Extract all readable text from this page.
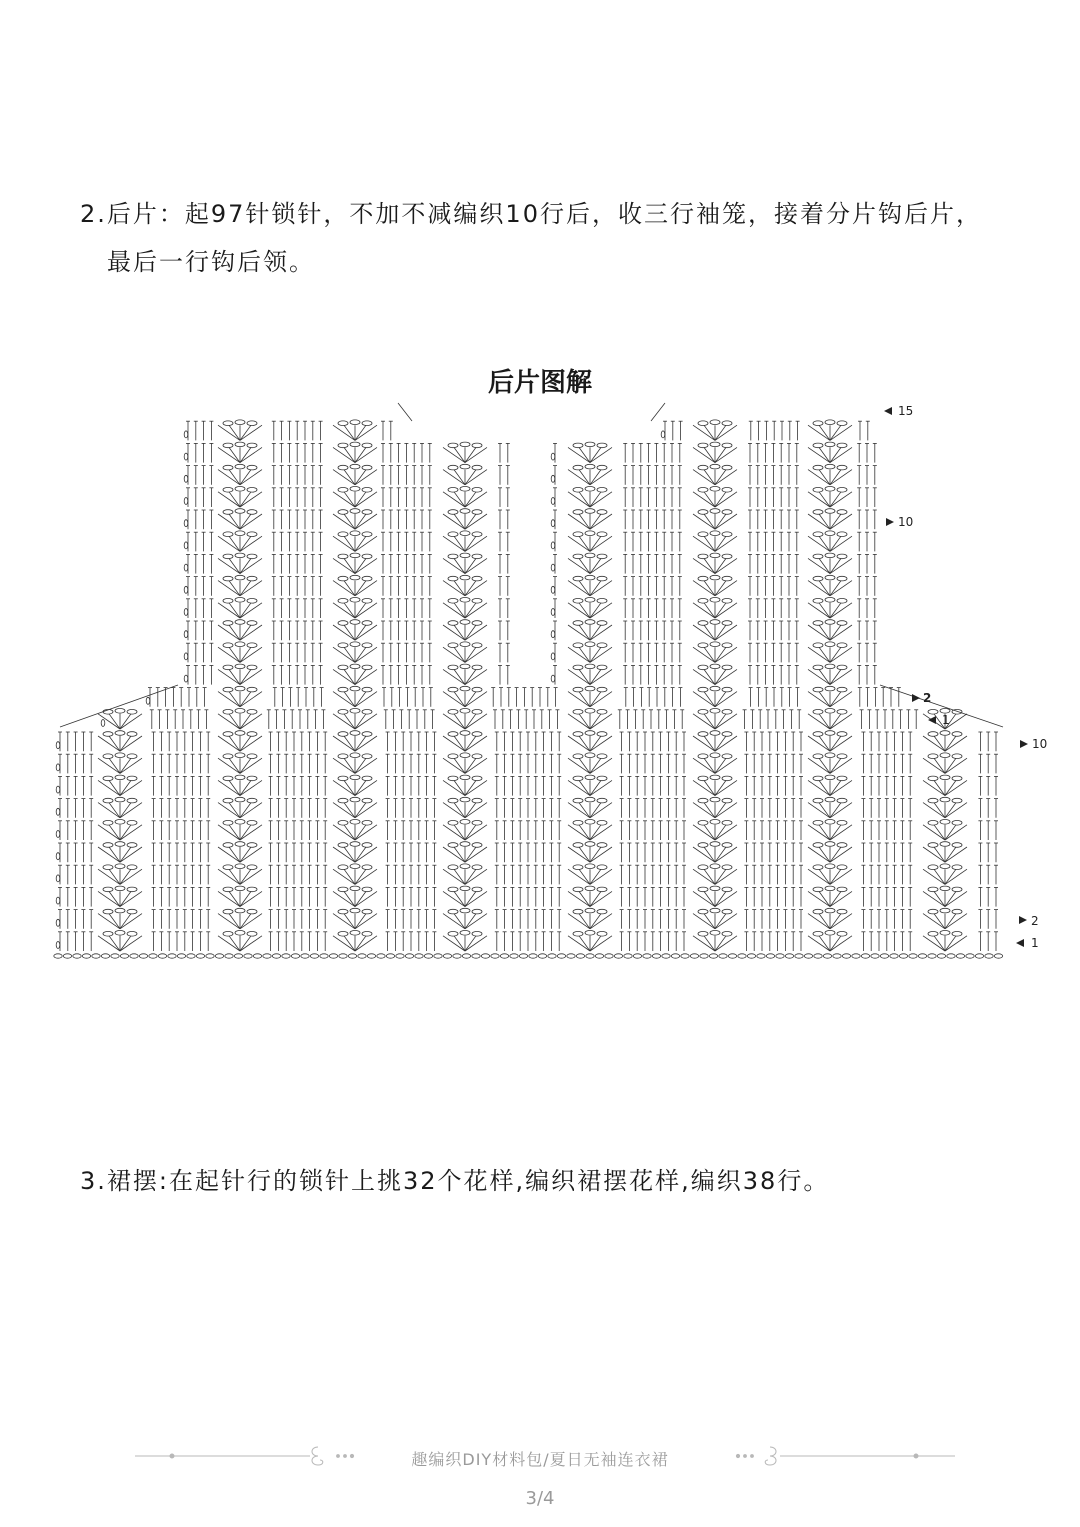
2.后片：起97针锁针，不加不减编织10行后，收三行袖笼，接着分片钩后片，
最后一行钩后领。
后片图解
15
10
2
1
10
2
1
3.裙摆:在起针行的锁针上挑32个花样,编织裙摆花样,编织38行。
趣编织DIY材料包/夏日无袖连衣裙
3/4
